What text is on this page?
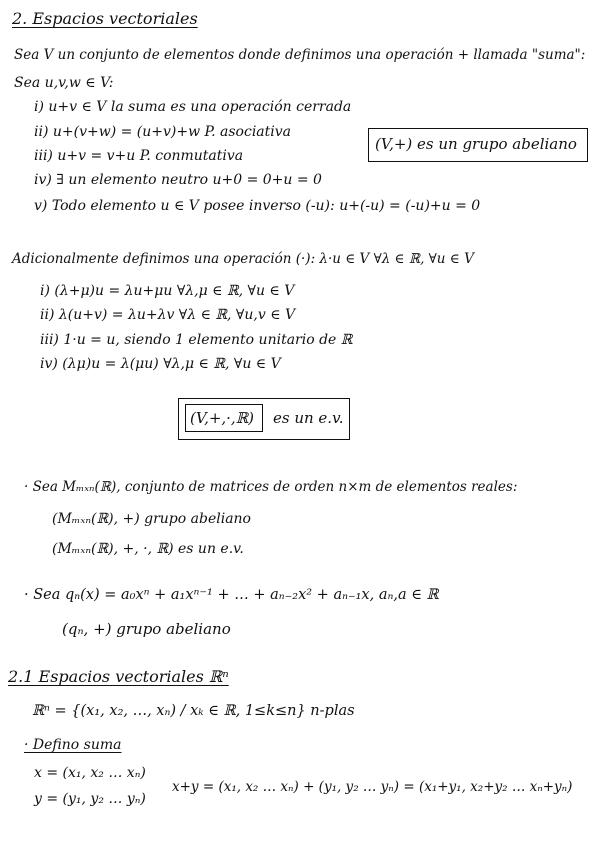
2. Espacios vectoriales
Sea V un conjunto de elementos donde definimos una operación + llamada "suma":
Sea u,v,w ∈ V:
i) u+v ∈ V la suma es una operación cerrada
ii) u+(v+w) = (u+v)+w P. asociativa
iii) u+v = v+u P. conmutativa
iv) ∃ un elemento neutro u+0 = 0+u = 0
v) Todo elemento u ∈ V posee inverso (-u): u+(-u) = (-u)+u = 0
(V,+) es un grupo abeliano
Adicionalmente definimos una operación (·): λ·u ∈ V ∀λ ∈ ℝ, ∀u ∈ V
i) (λ+μ)u = λu+μu ∀λ,μ ∈ ℝ, ∀u ∈ V
ii) λ(u+v) = λu+λv ∀λ ∈ ℝ, ∀u,v ∈ V
iii) 1·u = u, siendo 1 elemento unitario de ℝ
iv) (λμ)u = λ(μu) ∀λ,μ ∈ ℝ, ∀u ∈ V
(V,+,·,ℝ) es un e.v.
· Sea Mₘₓₙ(ℝ), conjunto de matrices de orden n×m de elementos reales:
(Mₘₓₙ(ℝ), +) grupo abeliano
(Mₘₓₙ(ℝ), +, ·, ℝ) es un e.v.
· Sea qₙ(x) = a₀xⁿ + a₁xⁿ⁻¹ + … + aₙ₋₂x² + aₙ₋₁x, aₙ,a ∈ ℝ
(qₙ, +) grupo abeliano
2.1 Espacios vectoriales ℝⁿ
ℝⁿ = {(x₁, x₂, …, xₙ) / xₖ ∈ ℝ, 1≤k≤n} n-plas
· Defino suma
x = (x₁, x₂ … xₙ)
y = (y₁, y₂ … yₙ)
x+y = (x₁, x₂ … xₙ) + (y₁, y₂ … yₙ) = (x₁+y₁, x₂+y₂ … xₙ+yₙ)
